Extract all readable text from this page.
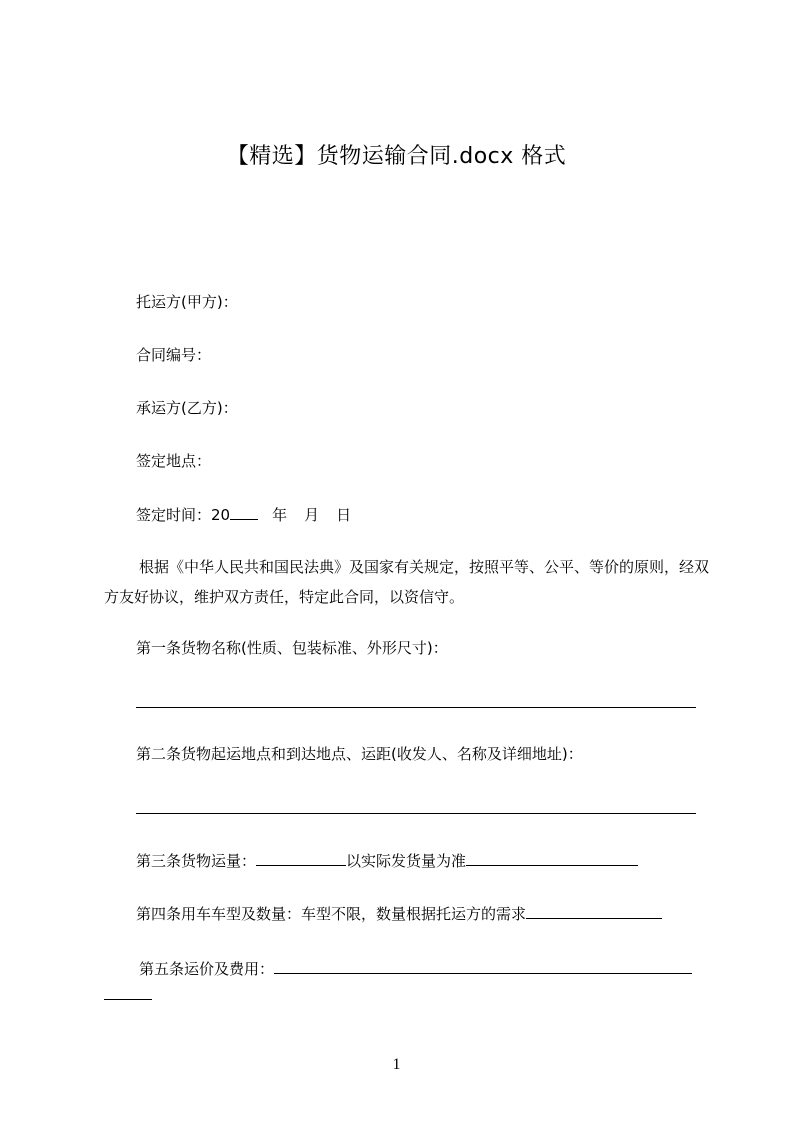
【精选】货物运输合同.docx 格式
托运方(甲方)：
合同编号：
承运方(乙方)：
签定地点：
签定时间：20	年 月 日
根据《中华人民共和国民法典》及国家有关规定，按照平等、公平、等价的原则，经双方友好协议，维护双方责任，特定此合同，以资信守。
第一条货物名称(性质、包装标准、外形尺寸)：
第二条货物起运地点和到达地点、运距(收发人、名称及详细地址)：
第三条货物运量：	以实际发货量为准
第四条用车车型及数量：车型不限，数量根据托运方的需求
第五条运价及费用：
1
